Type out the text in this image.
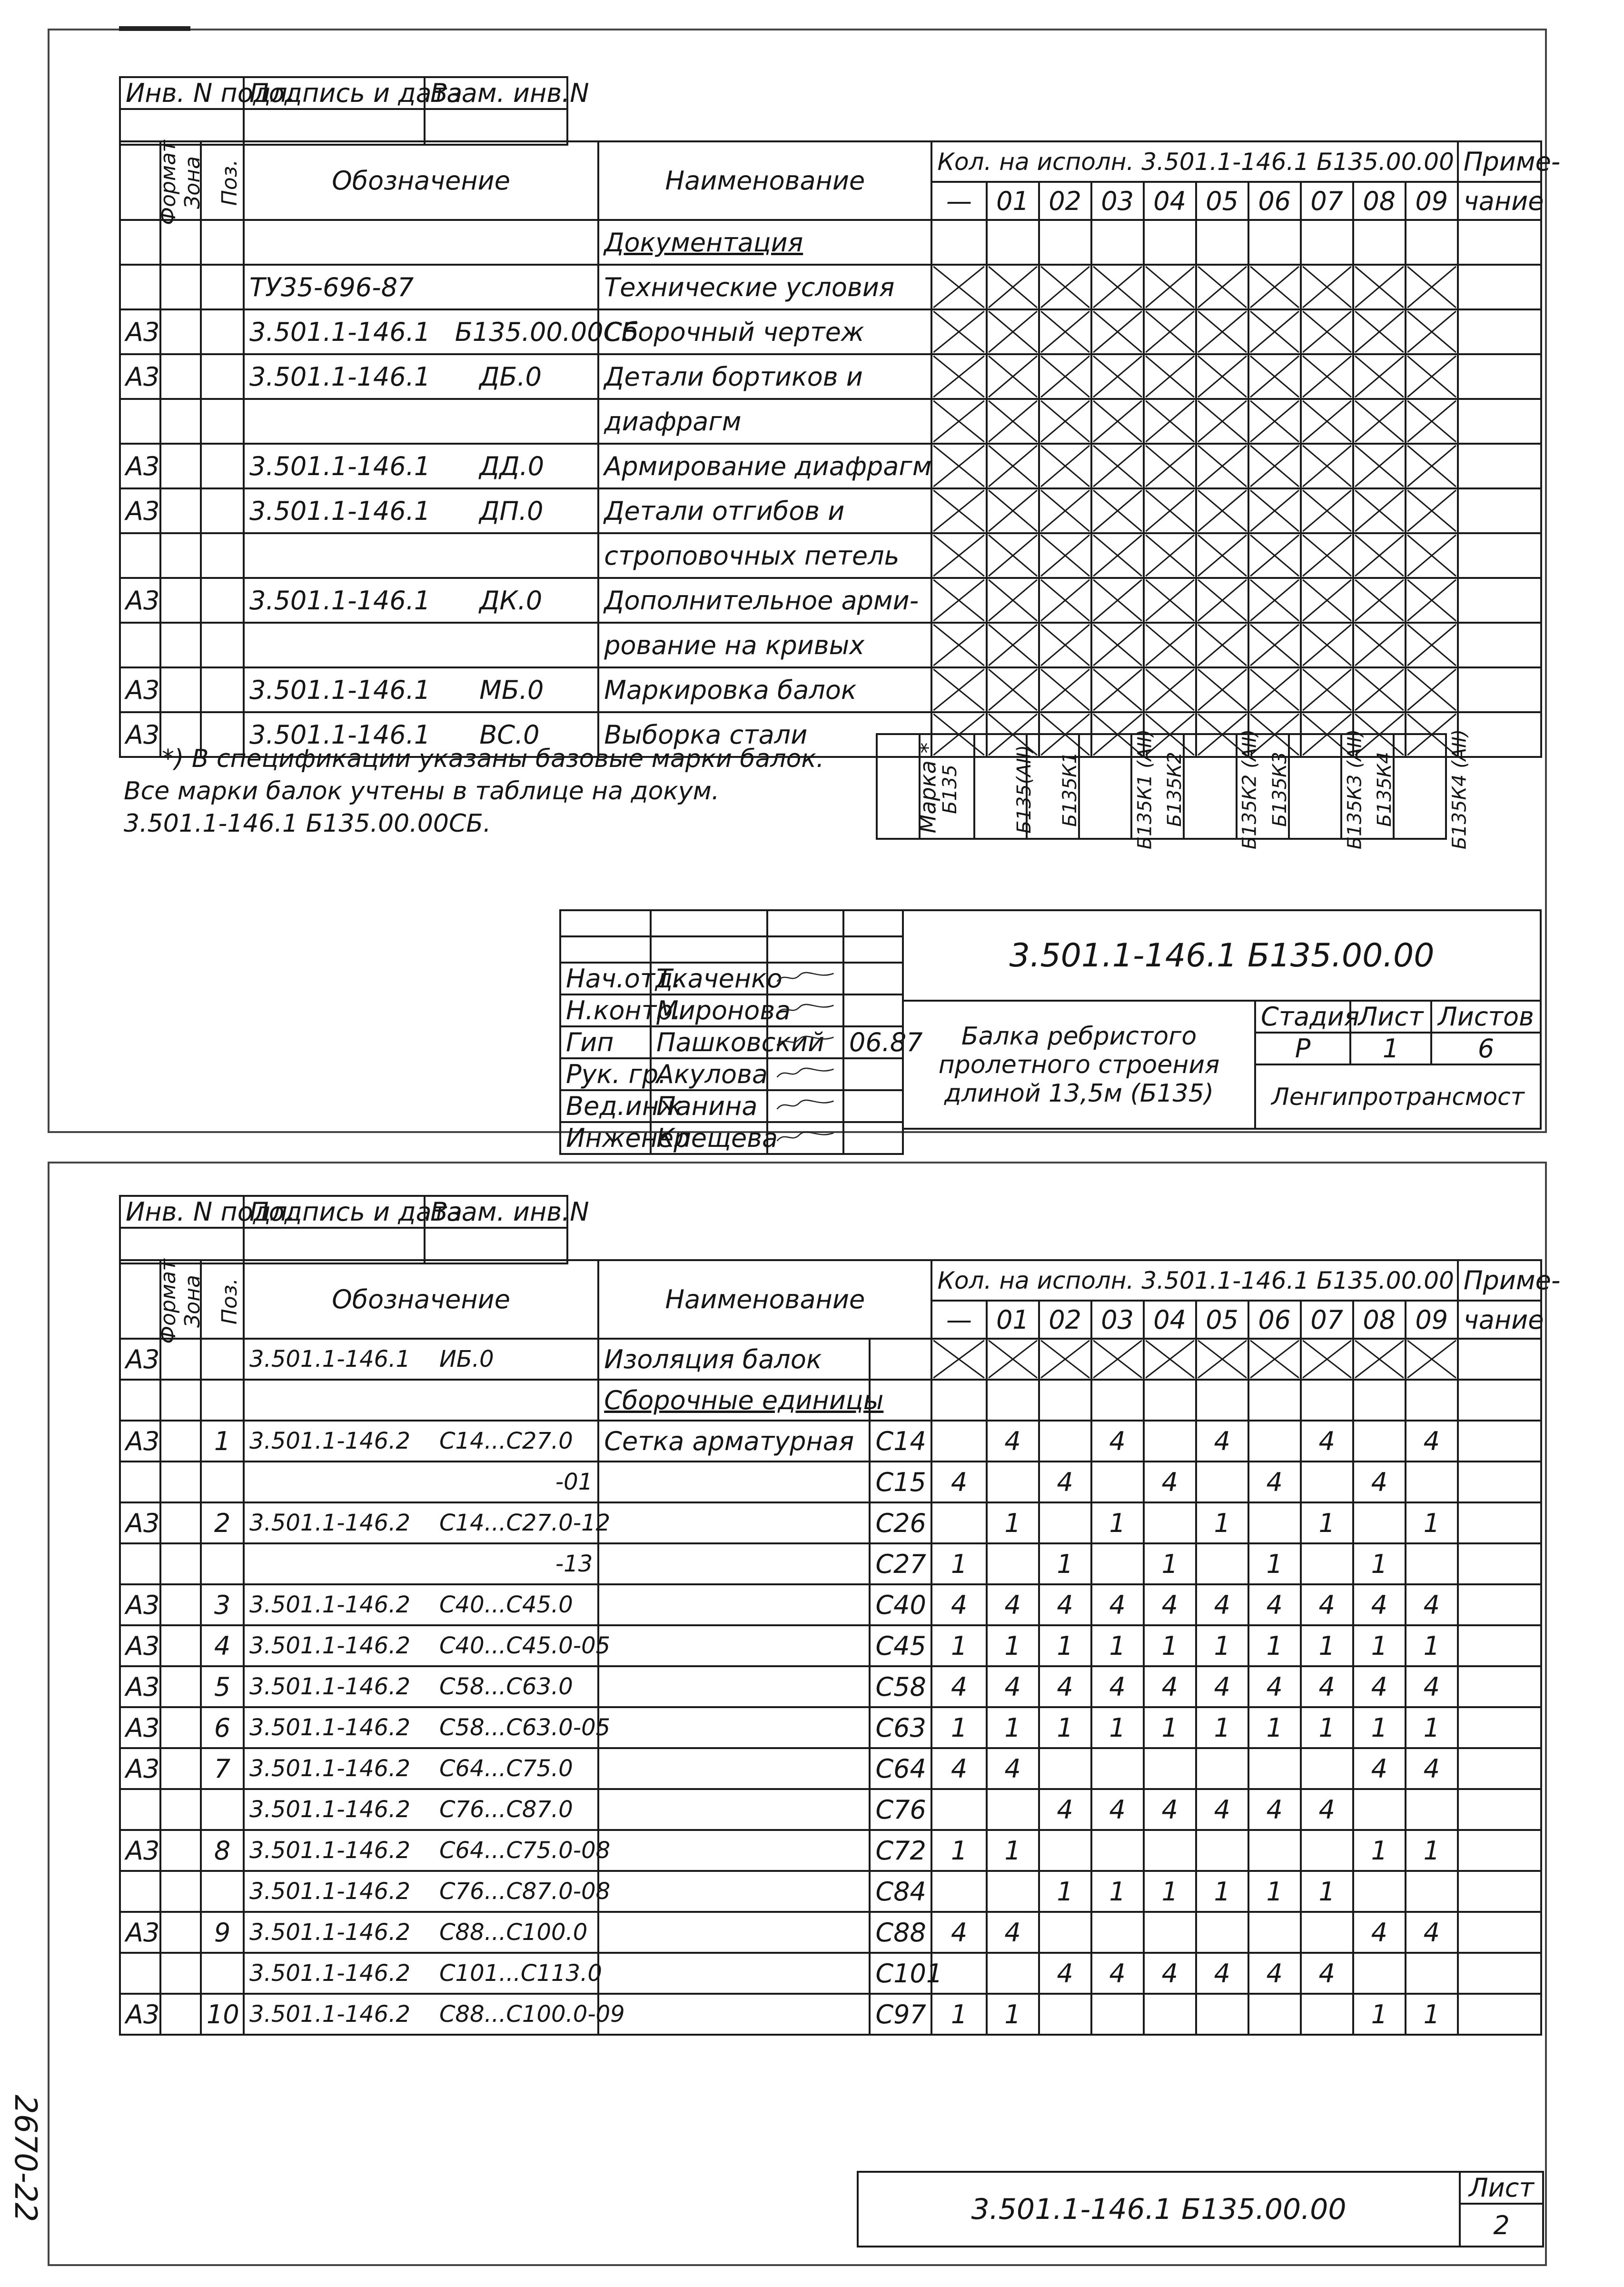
Инв. N подл.	Подпись и дата	Взам. инв.N

Формат	Зона	Поз.	Обозначение	Наименование	Кол. на исполн. 3.501.1-146.1 Б135.00.00										Приме-
					—	01	02	03	04	05	06	07	08	09	чание
				Документация											
			ТУ35-696-87	Технические условия	

А3			3.501.1-146.1   Б135.00.00СБ	Сборочный чертеж	

А3			3.501.1-146.1      ДБ.0	Детали бортиков и	

				диафрагм	

А3			3.501.1-146.1      ДД.0	Армирование диафрагм	

А3			3.501.1-146.1      ДП.0	Детали отгибов и	

				строповочных петель	

А3			3.501.1-146.1      ДК.0	Дополнительное арми-	

				рование на кривых	

А3			3.501.1-146.1      МБ.0	Маркировка балок	

А3			3.501.1-146.1      ВС.0	Выборка стали	

*) В спецификации указаны базовые марки балок.
Все марки балок учтены в таблице на докум.
3.501.1-146.1 Б135.00.00СБ.	Марка *	Б135	Б135(АII)	Б135К1	Б135К1 (АII)	Б135К2	Б135К2 (АII)	Б135К3	Б135К3 (АII)	Б135К4	Б135К4 (АII)

Нач.отд.	Ткаченко		
Н.контр.	Миронова		
Гип	Пашковский		06.87
Рук. гр.	Акулова		
Вед.инж	Панина		
Инженер	Клещева		
3.501.1-146.1 Б135.00.00			

Балка ребристого
пролетного строения
длиной 13,5м (Б135)	Стадия	Лист	Листов
	Р	1	6
	Ленгипротрансмост		
Инв. N подл.	Подпись и дата	Взам. инв.N

Формат	Зона	Поз.	Обозначение	Наименование		Кол. на исполн. 3.501.1-146.1 Б135.00.00										Приме-
						—	01	02	03	04	05	06	07	08	09	чание
А3			3.501.1-146.1    ИБ.0	Изоляция балок		

				Сборочные единицы												
А3		1	3.501.1-146.2    С14...С27.0	Сетка арматурная	С14		4		4		4		4		4	
			-01		С15	4		4		4		4		4		
А3		2	3.501.1-146.2    С14...С27.0-12		С26		1		1		1		1		1	
			-13		С27	1		1		1		1		1		
А3		3	3.501.1-146.2    С40...С45.0		С40	4	4	4	4	4	4	4	4	4	4	
А3		4	3.501.1-146.2    С40...С45.0-05		С45	1	1	1	1	1	1	1	1	1	1	
А3		5	3.501.1-146.2    С58...С63.0		С58	4	4	4	4	4	4	4	4	4	4	
А3		6	3.501.1-146.2    С58...С63.0-05		С63	1	1	1	1	1	1	1	1	1	1	
А3		7	3.501.1-146.2    С64...С75.0		С64	4	4							4	4	
			3.501.1-146.2    С76...С87.0		С76			4	4	4	4	4	4			
А3		8	3.501.1-146.2    С64...С75.0-08		С72	1	1							1	1	
			3.501.1-146.2    С76...С87.0-08		С84			1	1	1	1	1	1			
А3		9	3.501.1-146.2    С88...С100.0		С88	4	4							4	4	
			3.501.1-146.2    С101...С113.0		С101			4	4	4	4	4	4			
А3		10	3.501.1-146.2    С88...С100.0-09		С97	1	1							1	1	
3.501.1-146.1 Б135.00.00	Лист
2
2670-22
